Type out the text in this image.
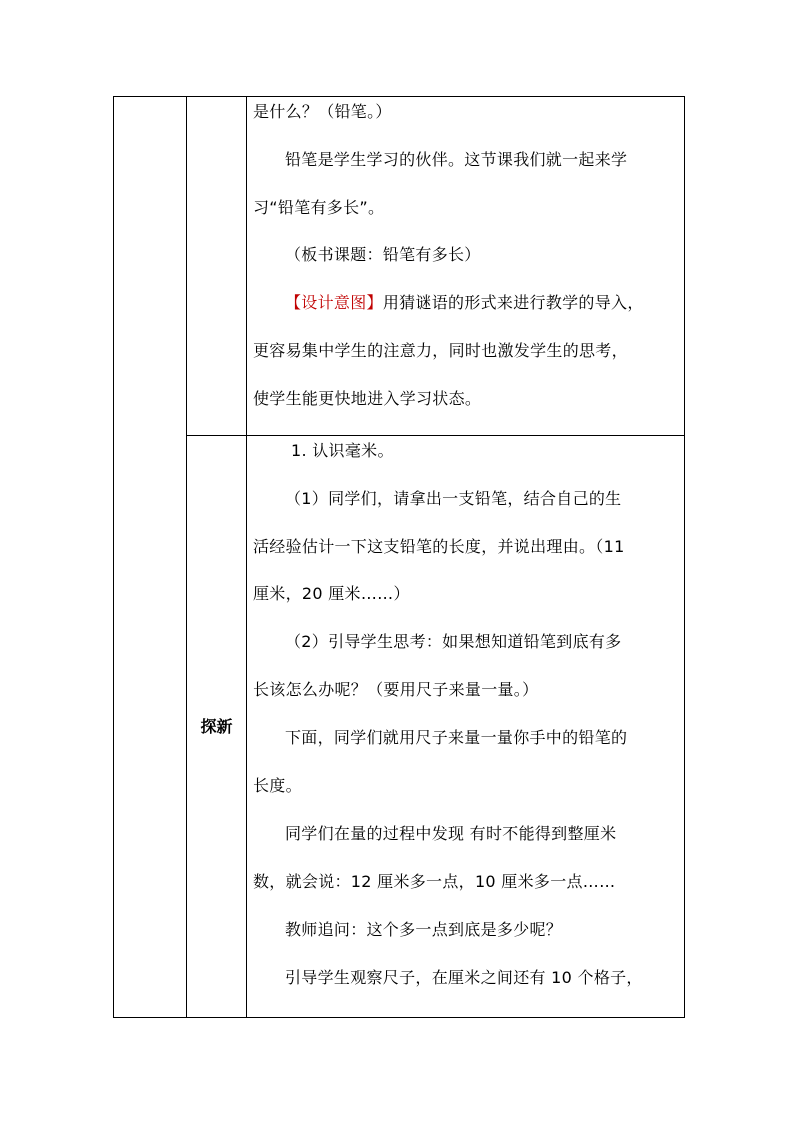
探新
是什么？（铅笔。）
铅笔是学生学习的伙伴。这节课我们就一起来学
习“铅笔有多长”。
（板书课题：铅笔有多长）
【设计意图】用猜谜语的形式来进行教学的导入，
更容易集中学生的注意力，同时也激发学生的思考，
使学生能更快地进入学习状态。
1. 认识毫米。
（1）同学们，请拿出一支铅笔，结合自己的生
活经验估计一下这支铅笔的长度，并说出理由。（11
厘米，20 厘米……）
（2）引导学生思考：如果想知道铅笔到底有多
长该怎么办呢？（要用尺子来量一量。）
下面，同学们就用尺子来量一量你手中的铅笔的
长度。
同学们在量的过程中发现 有时不能得到整厘米
数，就会说：12 厘米多一点，10 厘米多一点……
教师追问：这个多一点到底是多少呢？
引导学生观察尺子，在厘米之间还有 10 个格子，
